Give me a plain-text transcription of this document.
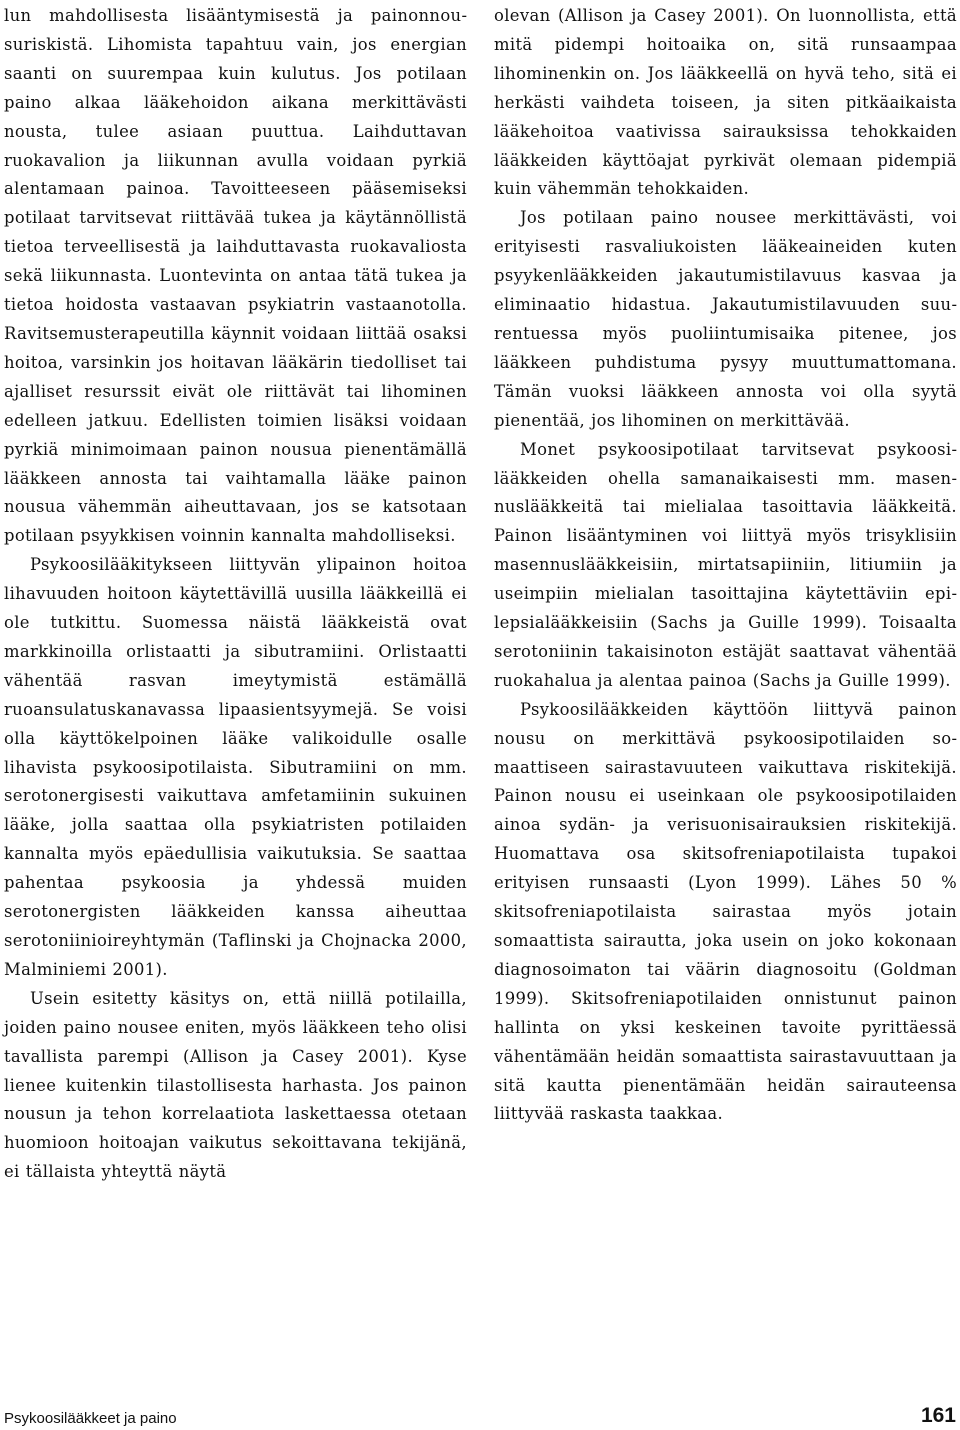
lun mahdollisesta lisääntymisestä ja painonnousuriskistä. Lihomista tapahtuu vain, jos energian saanti on suurempaa kuin kulutus. Jos potilaan paino alkaa lääkehoidon aikana merkittävästi nousta, tulee asiaan puuttua. Laihduttavan ruokavalion ja liikunnan avulla voidaan pyrkiä alentamaan painoa. Tavoitteeseen pääsemiseksi potilaat tarvitsevat riittävää tukea ja käytännöllistä tietoa terveellisestä ja laihduttavasta ruokavaliosta sekä liikunnasta. Luontevinta on antaa tätä tukea ja tietoa hoidosta vastaavan psykiatrin vastaanotolla. Ravitsemusterapeutilla käynnit voidaan liittää osaksi hoitoa, varsinkin jos hoitavan lääkärin tiedolliset tai ajalliset resurssit eivät ole riittävät tai lihominen edelleen jatkuu. Edellisten toimien lisäksi voidaan pyrkiä minimoimaan painon nousua pienentämällä lääkkeen annosta tai vaihtamalla lääke painon nousua vähemmän aiheuttavaan, jos se katsotaan potilaan psyykkisen voinnin kannalta mahdolliseksi.

Psykoosilääkitykseen liittyvän ylipainon hoitoa lihavuuden hoitoon käytettävillä uusilla lääkkeillä ei ole tutkittu. Suomessa näistä lääkkeistä ovat markkinoilla orlistaatti ja sibutramiini. Orlistaatti vähentää rasvan imeytymistä estämällä ruoansulatuskanavassa lipaasientsyymejä. Se voisi olla käyttökelpoinen lääke valikoidulle osalle lihavista psykoosipotilaista. Sibutramiini on mm. serotonergisesti vaikuttava amfetamiinin sukuinen lääke, jolla saattaa olla psykiatristen potilaiden kannalta myös epäedullisia vaikutuksia. Se saattaa pahentaa psykoosia ja yhdessä muiden serotonergisten lääkkeiden kanssa aiheuttaa serotoniinioireyhtymän (Taflinski ja Chojnacka 2000, Malminiemi 2001).

Usein esitetty käsitys on, että niillä potilailla, joiden paino nousee eniten, myös lääkkeen teho olisi tavallista parempi (Allison ja Casey 2001). Kyse lienee kuitenkin tilastollisesta harhasta. Jos painon nousun ja tehon korrelaatiota laskettaessa otetaan huomioon hoitoajan vaikutus sekoittavana tekijänä, ei tällaista yhteyttä näytä

olevan (Allison ja Casey 2001). On luonnollista, että mitä pidempi hoitoaika on, sitä runsaampaa lihominenkin on. Jos lääkkeellä on hyvä teho, sitä ei herkästi vaihdeta toiseen, ja siten pitkäaikaista lääkehoitoa vaativissa sairauksissa tehokkaiden lääkkeiden käyttöajat pyrkivät olemaan pidempiä kuin vähemmän tehokkaiden.

Jos potilaan paino nousee merkittävästi, voi erityisesti rasvaliukoisten lääkeaineiden kuten psyykenlääkkeiden jakautumistilavuus kasvaa ja eliminaatio hidastua. Jakautumistilavuuden suurentuessa myös puoliintumisaika pitenee, jos lääkkeen puhdistuma pysyy muuttumattomana. Tämän vuoksi lääkkeen annosta voi olla syytä pienentää, jos lihominen on merkittävää.

Monet psykoosipotilaat tarvitsevat psykoosilääkkeiden ohella samanaikaisesti mm. masennuslääkkeitä tai mielialaa tasoittavia lääkkeitä. Painon lisääntyminen voi liittyä myös trisyklisiin masennuslääkkeisiin, mirtatsapiiniin, litiumiin ja useimpiin mielialan tasoittajina käytettäviin epilepsialääkkeisiin (Sachs ja Guille 1999). Toisaalta serotoniinin takaisinoton estäjät saattavat vähentää ruokahalua ja alentaa painoa (Sachs ja Guille 1999).

Psykoosilääkkeiden käyttöön liittyvä painon nousu on merkittävä psykoosipotilaiden somaattiseen sairastavuuteen vaikuttava riskitekijä. Painon nousu ei useinkaan ole psykoosipotilaiden ainoa sydän- ja verisuonisairauksien riskitekijä. Huomattava osa skitsofreniapotilaista tupakoi erityisen runsaasti (Lyon 1999). Lähes 50 % skitsofreniapotilaista sairastaa myös jotain somaattista sairautta, joka usein on joko kokonaan diagnosoimaton tai väärin diagnosoitu (Goldman 1999). Skitsofreniapotilaiden onnistunut painon hallinta on yksi keskeinen tavoite pyrittäessä vähentämään heidän somaattista sairastavuuttaan ja sitä kautta pienentämään heidän sairauteensa liittyvää raskasta taakkaa.

Psykoosilääkkeet ja paino	161
